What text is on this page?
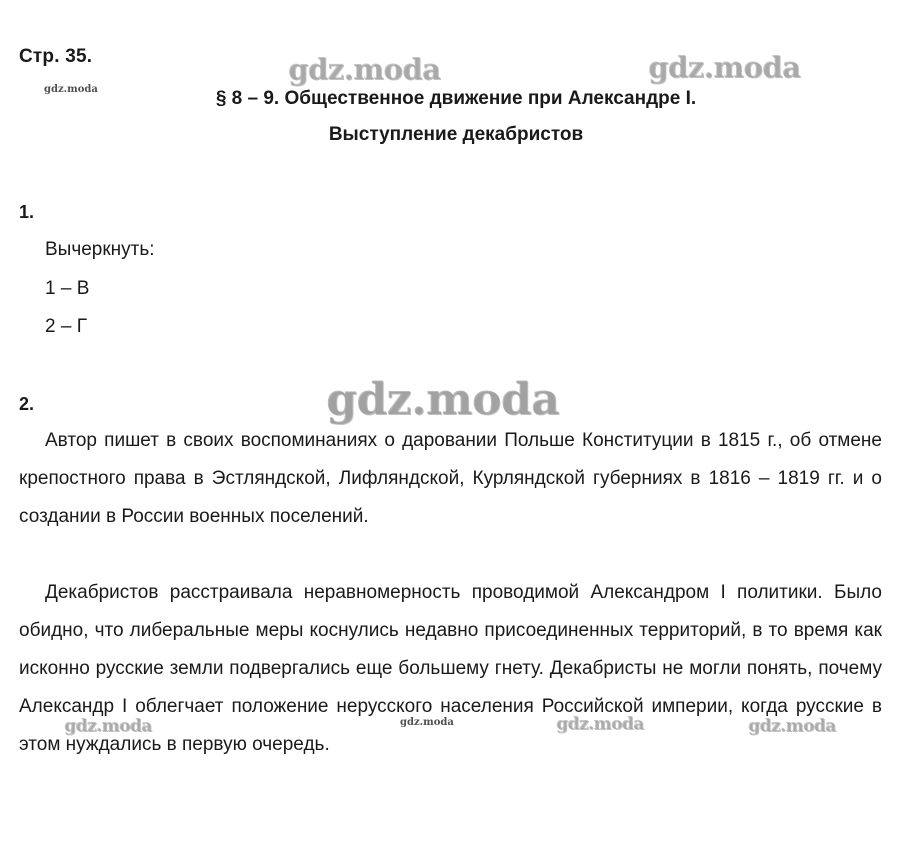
Стр. 35.

§ 8 – 9. Общественное движение при Александре I.

Выступление декабристов

1.

Вычеркнуть:

1 – В

2 – Г

2.

Автор пишет в своих воспоминаниях о даровании Польше Конституции в 1815 г., об отмене крепостного права в Эстляндской, Лифляндской, Курляндской губерниях в 1816 – 1819 гг. и о создании в России военных поселений.

Декабристов расстраивала неравномерность проводимой Александром I политики. Было обидно, что либеральные меры коснулись недавно присоединенных территорий, в то время как исконно русские земли подвергались еще большему гнету. Декабристы не могли понять, почему Александр I облегчает положение нерусского населения Российской империи, когда русские в этом нуждались в первую очередь.

gdz.moda	gdz.moda
gdz.moda
gdz.moda
gdz.moda	gdz.moda	gdz.moda	gdz.moda
